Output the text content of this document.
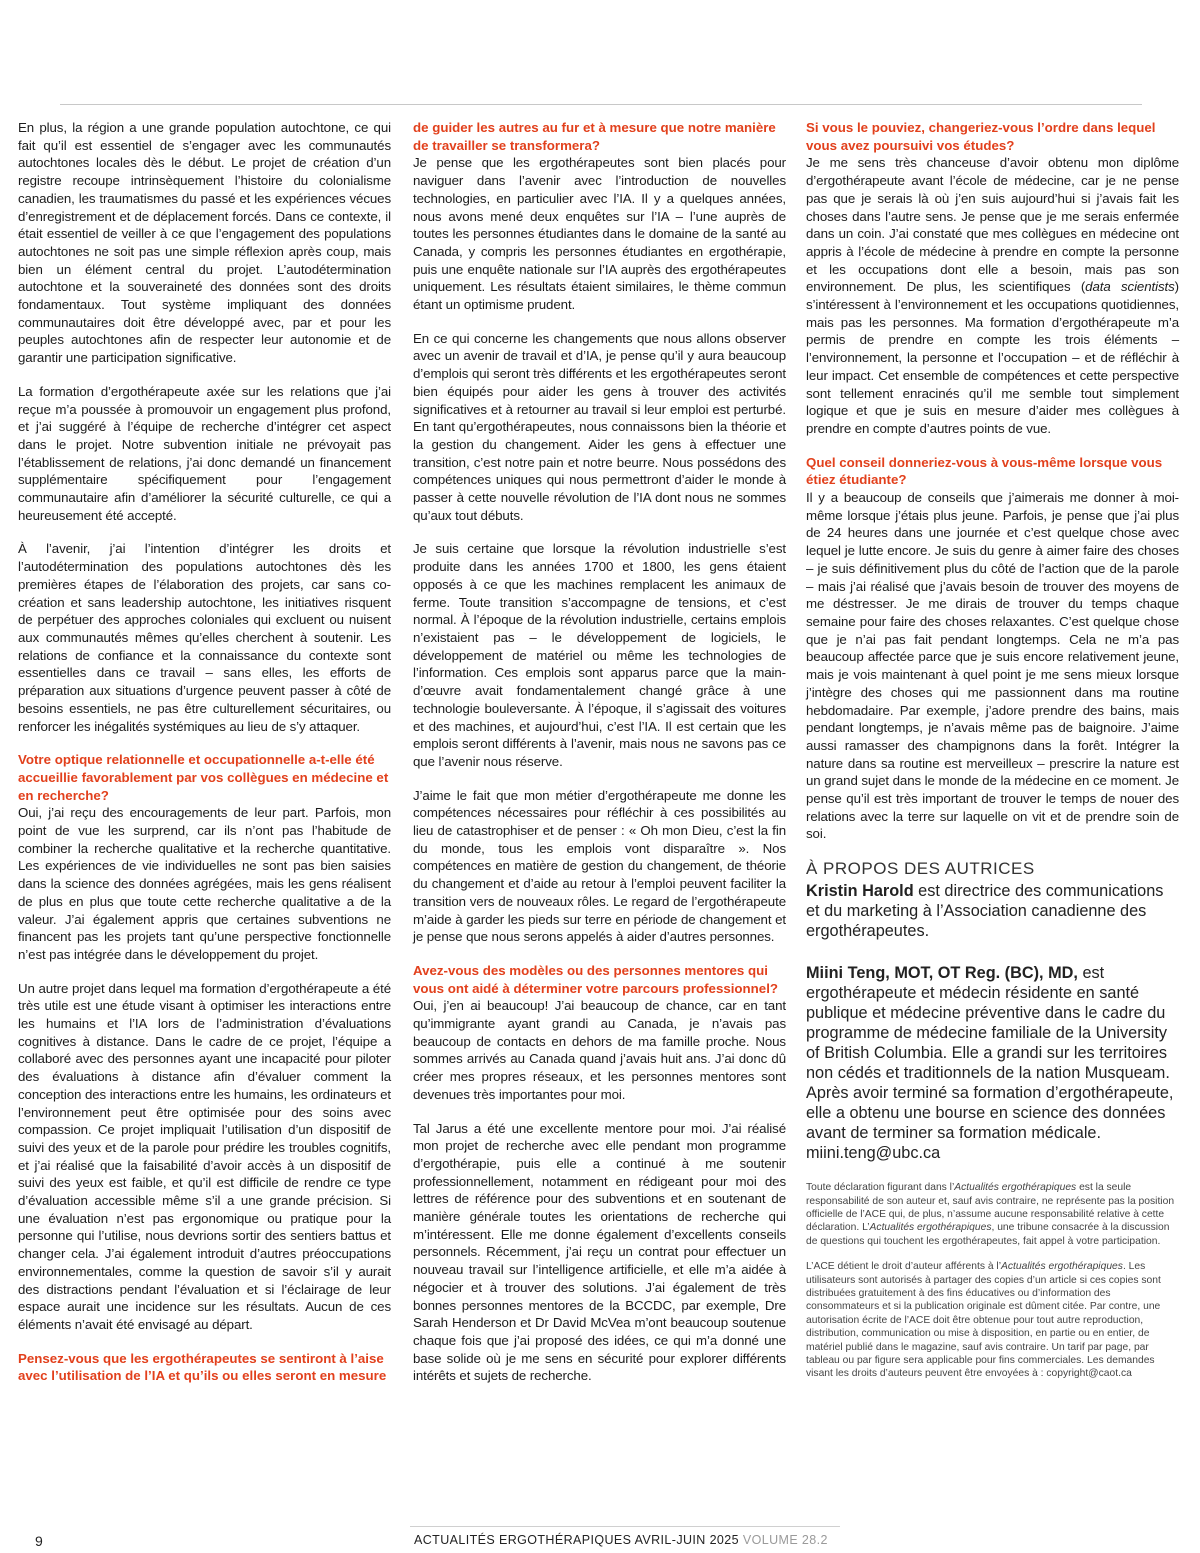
En plus, la région a une grande population autochtone, ce qui fait qu’il est essentiel de s’engager avec les communautés autochtones locales dès le début. Le projet de création d’un registre recoupe intrinsèquement l’histoire du colonialisme canadien, les traumatismes du passé et les expériences vécues d’enregistrement et de déplacement forcés. Dans ce contexte, il était essentiel de veiller à ce que l’engagement des populations autochtones ne soit pas une simple réflexion après coup, mais bien un élément central du projet. L’autodétermination autochtone et la souveraineté des données sont des droits fondamentaux. Tout système impliquant des données communautaires doit être développé avec, par et pour les peuples autochtones afin de respecter leur autonomie et de garantir une participation significative.

La formation d’ergothérapeute axée sur les relations que j’ai reçue m’a poussée à promouvoir un engagement plus profond, et j’ai suggéré à l’équipe de recherche d’intégrer cet aspect dans le projet. Notre subvention initiale ne prévoyait pas l’établissement de relations, j’ai donc demandé un financement supplémentaire spécifiquement pour l’engagement communautaire afin d’améliorer la sécurité culturelle, ce qui a heureusement été accepté.

À l’avenir, j’ai l’intention d’intégrer les droits et l’autodétermination des populations autochtones dès les premières étapes de l’élaboration des projets, car sans co-création et sans leadership autochtone, les initiatives risquent de perpétuer des approches coloniales qui excluent ou nuisent aux communautés mêmes qu’elles cherchent à soutenir. Les relations de confiance et la connaissance du contexte sont essentielles dans ce travail – sans elles, les efforts de préparation aux situations d’urgence peuvent passer à côté de besoins essentiels, ne pas être culturellement sécuritaires, ou renforcer les inégalités systémiques au lieu de s’y attaquer.

Votre optique relationnelle et occupationnelle a-t-elle été accueillie favorablement par vos collègues en médecine et en recherche?

Oui, j’ai reçu des encouragements de leur part. Parfois, mon point de vue les surprend, car ils n’ont pas l’habitude de combiner la recherche qualitative et la recherche quantitative. Les expériences de vie individuelles ne sont pas bien saisies dans la science des données agrégées, mais les gens réalisent de plus en plus que toute cette recherche qualitative a de la valeur. J’ai également appris que certaines subventions ne financent pas les projets tant qu’une perspective fonctionnelle n’est pas intégrée dans le développement du projet.

Un autre projet dans lequel ma formation d’ergothérapeute a été très utile est une étude visant à optimiser les interactions entre les humains et l’IA lors de l’administration d’évaluations cognitives à distance. Dans le cadre de ce projet, l’équipe a collaboré avec des personnes ayant une incapacité pour piloter des évaluations à distance afin d’évaluer comment la conception des interactions entre les humains, les ordinateurs et l’environnement peut être optimisée pour des soins avec compassion. Ce projet impliquait l’utilisation d’un dispositif de suivi des yeux et de la parole pour prédire les troubles cognitifs, et j’ai réalisé que la faisabilité d’avoir accès à un dispositif de suivi des yeux est faible, et qu’il est difficile de rendre ce type d’évaluation accessible même s’il a une grande précision. Si une évaluation n’est pas ergonomique ou pratique pour la personne qui l’utilise, nous devrions sortir des sentiers battus et changer cela. J’ai également introduit d’autres préoccupations environnementales, comme la question de savoir s’il y aurait des distractions pendant l’évaluation et si l’éclairage de leur espace aurait une incidence sur les résultats. Aucun de ces éléments n’avait été envisagé au départ.

Pensez-vous que les ergothérapeutes se sentiront à l’aise avec l’utilisation de l’IA et qu’ils ou elles seront en mesure

de guider les autres au fur et à mesure que notre manière de travailler se transformera?

Je pense que les ergothérapeutes sont bien placés pour naviguer dans l’avenir avec l’introduction de nouvelles technologies, en particulier avec l’IA. Il y a quelques années, nous avons mené deux enquêtes sur l’IA – l’une auprès de toutes les personnes étudiantes dans le domaine de la santé au Canada, y compris les personnes étudiantes en ergothérapie, puis une enquête nationale sur l’IA auprès des ergothérapeutes uniquement. Les résultats étaient similaires, le thème commun étant un optimisme prudent.

En ce qui concerne les changements que nous allons observer avec un avenir de travail et d’IA, je pense qu’il y aura beaucoup d’emplois qui seront très différents et les ergothérapeutes seront bien équipés pour aider les gens à trouver des activités significatives et à retourner au travail si leur emploi est perturbé. En tant qu’ergothérapeutes, nous connaissons bien la théorie et la gestion du changement. Aider les gens à effectuer une transition, c’est notre pain et notre beurre. Nous possédons des compétences uniques qui nous permettront d’aider le monde à passer à cette nouvelle révolution de l’IA dont nous ne sommes qu’aux tout débuts.

Je suis certaine que lorsque la révolution industrielle s’est produite dans les années 1700 et 1800, les gens étaient opposés à ce que les machines remplacent les animaux de ferme. Toute transition s’accompagne de tensions, et c’est normal. À l’époque de la révolution industrielle, certains emplois n’existaient pas – le développement de logiciels, le développement de matériel ou même les technologies de l’information. Ces emplois sont apparus parce que la main-d’œuvre avait fondamentalement changé grâce à une technologie bouleversante. À l’époque, il s’agissait des voitures et des machines, et aujourd’hui, c’est l’IA. Il est certain que les emplois seront différents à l’avenir, mais nous ne savons pas ce que l’avenir nous réserve.

J’aime le fait que mon métier d’ergothérapeute me donne les compétences nécessaires pour réfléchir à ces possibilités au lieu de catastrophiser et de penser : « Oh mon Dieu, c’est la fin du monde, tous les emplois vont disparaître ». Nos compétences en matière de gestion du changement, de théorie du changement et d’aide au retour à l’emploi peuvent faciliter la transition vers de nouveaux rôles. Le regard de l’ergothérapeute m’aide à garder les pieds sur terre en période de changement et je pense que nous serons appelés à aider d’autres personnes.

Avez-vous des modèles ou des personnes mentores qui vous ont aidé à déterminer votre parcours professionnel?

Oui, j’en ai beaucoup! J’ai beaucoup de chance, car en tant qu’immigrante ayant grandi au Canada, je n’avais pas beaucoup de contacts en dehors de ma famille proche. Nous sommes arrivés au Canada quand j’avais huit ans. J’ai donc dû créer mes propres réseaux, et les personnes mentores sont devenues très importantes pour moi.

Tal Jarus a été une excellente mentore pour moi. J’ai réalisé mon projet de recherche avec elle pendant mon programme d’ergothérapie, puis elle a continué à me soutenir professionnellement, notamment en rédigeant pour moi des lettres de référence pour des subventions et en soutenant de manière générale toutes les orientations de recherche qui m’intéressent. Elle me donne également d’excellents conseils personnels. Récemment, j’ai reçu un contrat pour effectuer un nouveau travail sur l’intelligence artificielle, et elle m’a aidée à négocier et à trouver des solutions. J’ai également de très bonnes personnes mentores de la BCCDC, par exemple, Dre Sarah Henderson et Dr David McVea m’ont beaucoup soutenue chaque fois que j’ai proposé des idées, ce qui m’a donné une base solide où je me sens en sécurité pour explorer différents intérêts et sujets de recherche.

Si vous le pouviez, changeriez-vous l’ordre dans lequel vous avez poursuivi vos études?

Je me sens très chanceuse d’avoir obtenu mon diplôme d’ergothérapeute avant l’école de médecine, car je ne pense pas que je serais là où j’en suis aujourd’hui si j’avais fait les choses dans l’autre sens. Je pense que je me serais enfermée dans un coin. J’ai constaté que mes collègues en médecine ont appris à l’école de médecine à prendre en compte la personne et les occupations dont elle a besoin, mais pas son environnement. De plus, les scientifiques (data scientists) s’intéressent à l’environnement et les occupations quotidiennes, mais pas les personnes. Ma formation d’ergothérapeute m’a permis de prendre en compte les trois éléments – l’environnement, la personne et l’occupation – et de réfléchir à leur impact. Cet ensemble de compétences et cette perspective sont tellement enracinés qu’il me semble tout simplement logique et que je suis en mesure d’aider mes collègues à prendre en compte d’autres points de vue.

Quel conseil donneriez-vous à vous-même lorsque vous étiez étudiante?

Il y a beaucoup de conseils que j’aimerais me donner à moi-même lorsque j’étais plus jeune. Parfois, je pense que j’ai plus de 24 heures dans une journée et c’est quelque chose avec lequel je lutte encore. Je suis du genre à aimer faire des choses – je suis définitivement plus du côté de l’action que de la parole – mais j’ai réalisé que j’avais besoin de trouver des moyens de me déstresser. Je me dirais de trouver du temps chaque semaine pour faire des choses relaxantes. C’est quelque chose que je n’ai pas fait pendant longtemps. Cela ne m’a pas beaucoup affectée parce que je suis encore relativement jeune, mais je vois maintenant à quel point je me sens mieux lorsque j’intègre des choses qui me passionnent dans ma routine hebdomadaire. Par exemple, j’adore prendre des bains, mais pendant longtemps, je n’avais même pas de baignoire. J’aime aussi ramasser des champignons dans la forêt. Intégrer la nature dans sa routine est merveilleux – prescrire la nature est un grand sujet dans le monde de la médecine en ce moment. Je pense qu’il est très important de trouver le temps de nouer des relations avec la terre sur laquelle on vit et de prendre soin de soi.

À PROPOS DES AUTRICES

Kristin Harold est directrice des communications et du marketing à l’Association canadienne des ergothérapeutes.

Miini Teng, MOT, OT Reg. (BC), MD, est ergothérapeute et médecin résidente en santé publique et médecine préventive dans le cadre du programme de médecine familiale de la University of British Columbia. Elle a grandi sur les territoires non cédés et traditionnels de la nation Musqueam. Après avoir terminé sa formation d’ergothérapeute, elle a obtenu une bourse en science des données avant de terminer sa formation médicale. miini.teng@ubc.ca

Toute déclaration figurant dans l’Actualités ergothérapiques est la seule responsabilité de son auteur et, sauf avis contraire, ne représente pas la position officielle de l’ACE qui, de plus, n’assume aucune responsabilité relative à cette déclaration. L’Actualités ergothérapiques, une tribune consacrée à la discussion de questions qui touchent les ergothérapeutes, fait appel à votre participation.

L’ACE détient le droit d’auteur afférents à l’Actualités ergothérapiques. Les utilisateurs sont autorisés à partager des copies d’un article si ces copies sont distribuées gratuitement à des fins éducatives ou d’information des consommateurs et si la publication originale est dûment citée. Par contre, une autorisation écrite de l’ACE doit être obtenue pour tout autre reproduction, distribution, communication ou mise à disposition, en partie ou en entier, de matériel publié dans le magazine, sauf avis contraire. Un tarif par page, par tableau ou par figure sera applicable pour fins commerciales. Les demandes visant les droits d’auteurs peuvent être envoyées à : copyright@caot.ca

9	ACTUALITÉS ERGOTHÉRAPIQUES AVRIL-JUIN 2025 VOLUME 28.2
